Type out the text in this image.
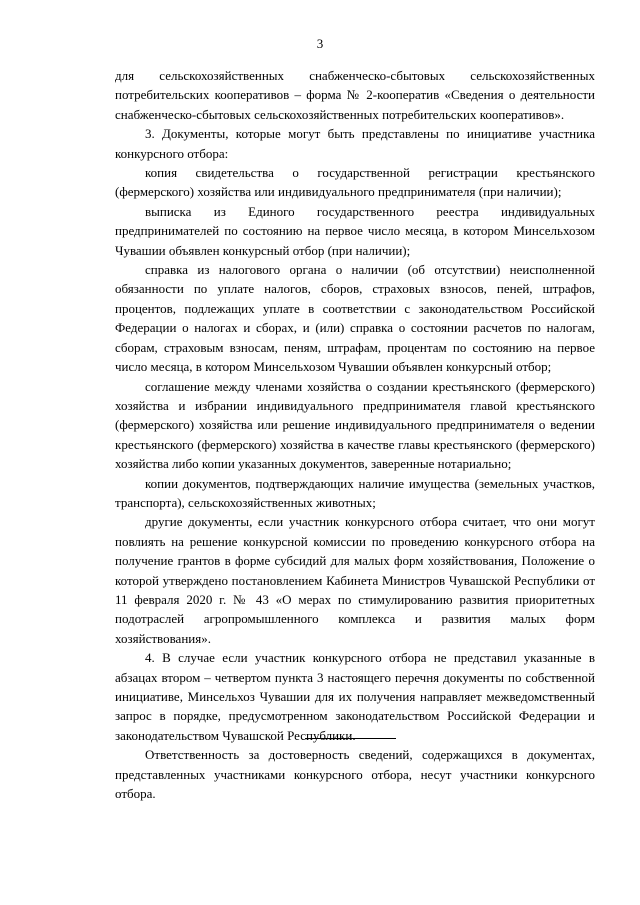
3

для сельскохозяйственных снабженческо-сбытовых сельскохозяйственных потребительских кооперативов – форма № 2-кооператив «Сведения о деятельности снабженческо-сбытовых сельскохозяйственных потребительских кооперативов».

3. Документы, которые могут быть представлены по инициативе участника конкурсного отбора:

копия свидетельства о государственной регистрации крестьянского (фермерского) хозяйства или индивидуального предпринимателя (при наличии);

выписка из Единого государственного реестра индивидуальных предпринимателей по состоянию на первое число месяца, в котором Минсельхозом Чувашии объявлен конкурсный отбор (при наличии);

справка из налогового органа о наличии (об отсутствии) неисполненной обязанности по уплате налогов, сборов, страховых взносов, пеней, штрафов, процентов, подлежащих уплате в соответствии с законодательством Российской Федерации о налогах и сборах, и (или) справка о состоянии расчетов по налогам, сборам, страховым взносам, пеням, штрафам, процентам по состоянию на первое число месяца, в котором Минсельхозом Чувашии объявлен конкурсный отбор;

соглашение между членами хозяйства о создании крестьянского (фермерского) хозяйства и избрании индивидуального предпринимателя главой крестьянского (фермерского) хозяйства или решение индивидуального предпринимателя о ведении крестьянского (фермерского) хозяйства в качестве главы крестьянского (фермерского) хозяйства либо копии указанных документов, заверенные нотариально;

копии документов, подтверждающих наличие имущества (земельных участков, транспорта), сельскохозяйственных животных;

другие документы, если участник конкурсного отбора считает, что они могут повлиять на решение конкурсной комиссии по проведению конкурсного отбора на получение грантов в форме субсидий для малых форм хозяйствования, Положение о которой утверждено постановлением Кабинета Министров Чувашской Республики от 11 февраля 2020 г. № 43 «О мерах по стимулированию развития приоритетных подотраслей агропромышленного комплекса и развития малых форм хозяйствования».

4. В случае если участник конкурсного отбора не представил указанные в абзацах втором – четвертом пункта 3 настоящего перечня документы по собственной инициативе, Минсельхоз Чувашии для их получения направляет межведомственный запрос в порядке, предусмотренном законодательством Российской Федерации и законодательством Чувашской Республики.

Ответственность за достоверность сведений, содержащихся в документах, представленных участниками конкурсного отбора, несут участники конкурсного отбора.
